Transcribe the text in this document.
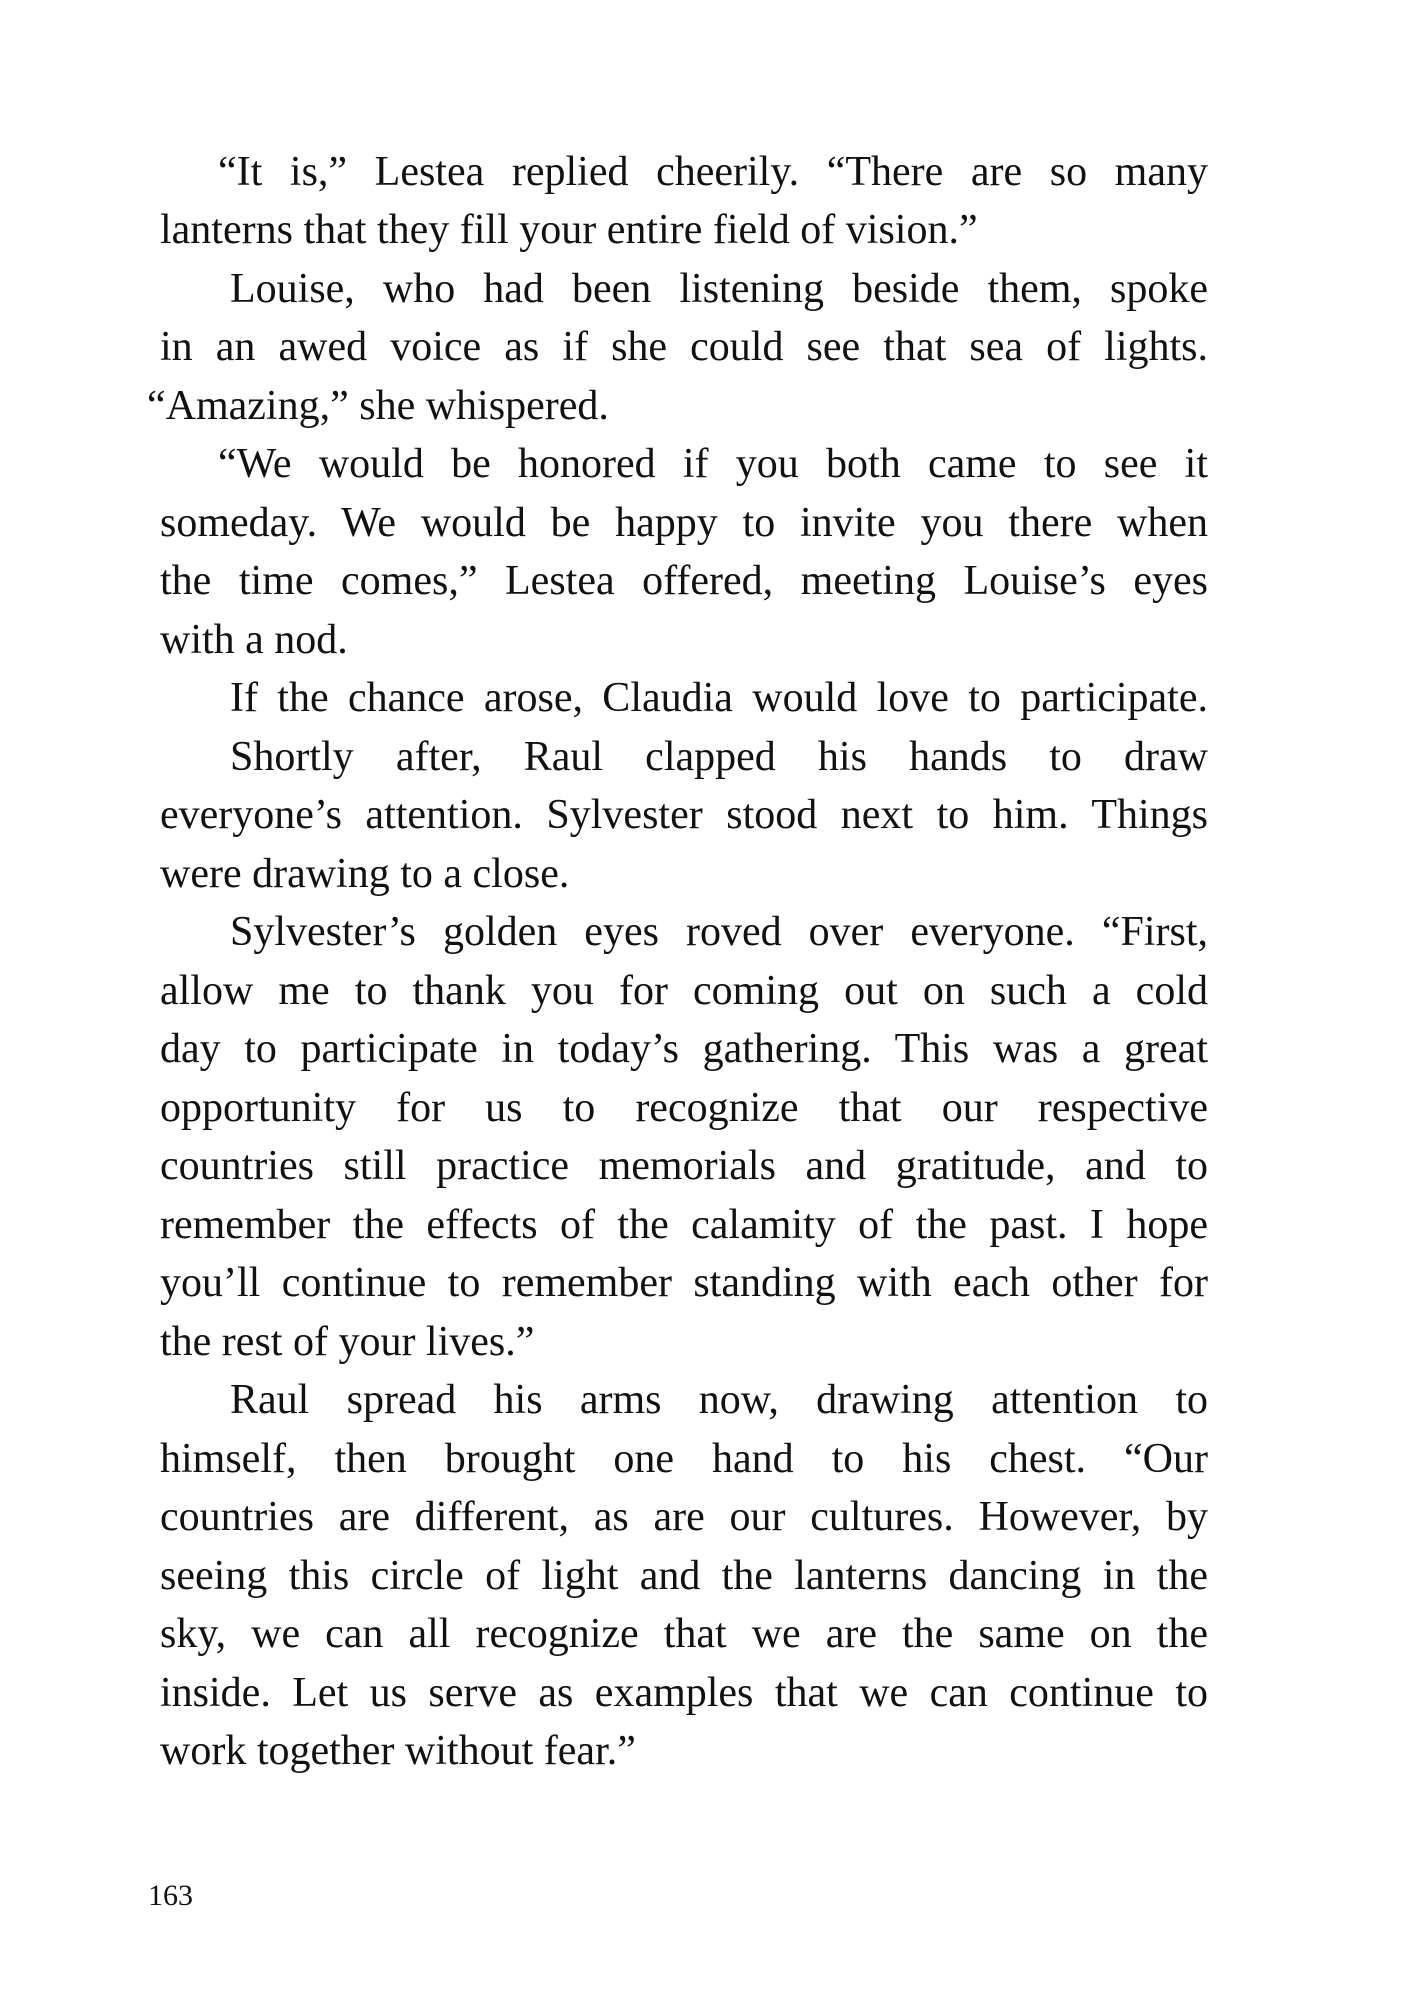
“It is,” Lestea replied cheerily. “There are so many
lanterns that they fill your entire field of vision.”
Louise, who had been listening beside them, spoke
in an awed voice as if she could see that sea of lights.
“Amazing,” she whispered.
“We would be honored if you both came to see it
someday. We would be happy to invite you there when
the time comes,” Lestea offered, meeting Louise’s eyes
with a nod.
If the chance arose, Claudia would love to participate.
Shortly after, Raul clapped his hands to draw
everyone’s attention. Sylvester stood next to him. Things
were drawing to a close.
Sylvester’s golden eyes roved over everyone. “First,
allow me to thank you for coming out on such a cold
day to participate in today’s gathering. This was a great
opportunity for us to recognize that our respective
countries still practice memorials and gratitude, and to
remember the effects of the calamity of the past. I hope
you’ll continue to remember standing with each other for
the rest of your lives.”
Raul spread his arms now, drawing attention to
himself, then brought one hand to his chest. “Our
countries are different, as are our cultures. However, by
seeing this circle of light and the lanterns dancing in the
sky, we can all recognize that we are the same on the
inside. Let us serve as examples that we can continue to
work together without fear.”
163
